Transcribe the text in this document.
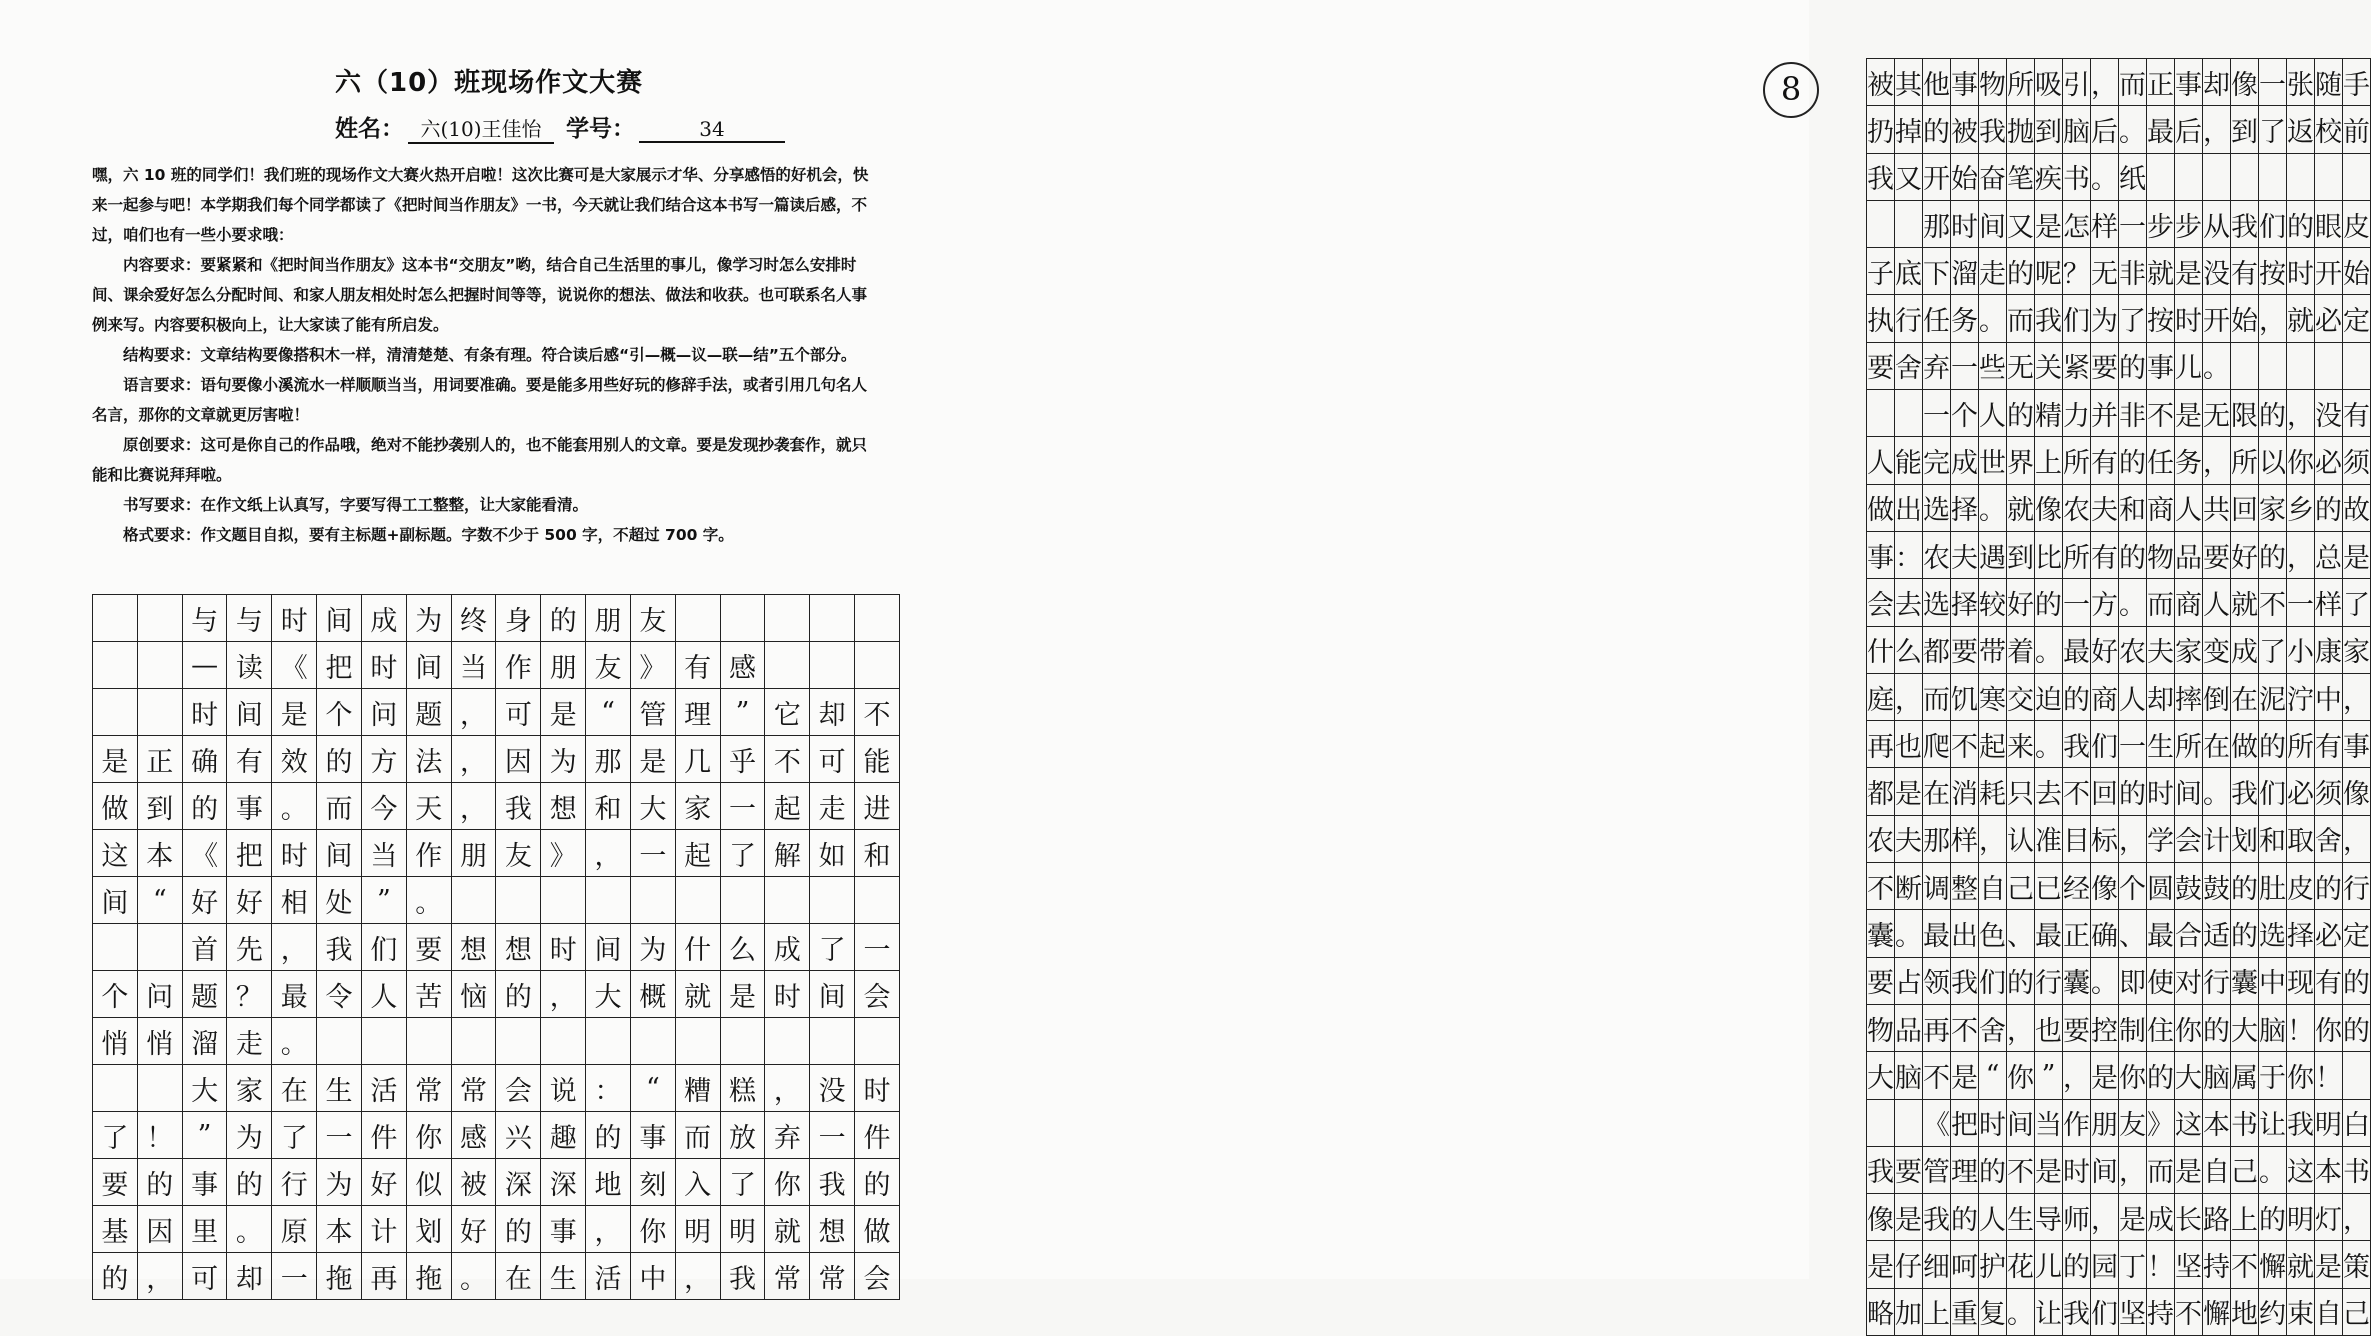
六（10）班现场作文大赛
姓名： 六(10)王佳怡 学号：	34

嘿，六 10 班的同学们！我们班的现场作文大赛火热开启啦！这次比赛可是大家展示才华、分享感悟的好机会，快来一起参与吧！本学期我们每个同学都读了《把时间当作朋友》一书，今天就让我们结合这本书写一篇读后感，不过，咱们也有一些小要求哦：

内容要求：要紧紧和《把时间当作朋友》这本书“交朋友”哟，结合自己生活里的事儿，像学习时怎么安排时间、课余爱好怎么分配时间、和家人朋友相处时怎么把握时间等等，说说你的想法、做法和收获。也可联系名人事例来写。内容要积极向上，让大家读了能有所启发。

结构要求：文章结构要像搭积木一样，清清楚楚、有条有理。符合读后感“引—概—议—联—结”五个部分。

语言要求：语句要像小溪流水一样顺顺当当，用词要准确。要是能多用些好玩的修辞手法，或者引用几句名人名言，那你的文章就更厉害啦！

原创要求：这可是你自己的作品哦，绝对不能抄袭别人的，也不能套用别人的文章。要是发现抄袭套作，就只能和比赛说拜拜啦。

书写要求：在作文纸上认真写，字要写得工工整整，让大家能看清。

格式要求：作文题目自拟，要有主标题+副标题。字数不少于 500 字，不超过 700 字。

		与	与	时	间	成	为	终	身	的	朋	友					
		—	读	《	把	时	间	当	作	朋	友	》	有	感			
		时	间	是	个	问	题	，	可	是	“	管	理	”	它	却	不
是	正	确	有	效	的	方	法	，	因	为	那	是	几	乎	不	可	能
做	到	的	事	。	而	今	天	，	我	想	和	大	家	一	起	走	进
这	本	《	把	时	间	当	作	朋	友	》	，	一	起	了	解	如	和
间	“	好	好	相	处	”	。										
		首	先	，	我	们	要	想	想	时	间	为	什	么	成	了	一
个	问	题	？	最	令	人	苦	恼	的	，	大	概	就	是	时	间	会
悄	悄	溜	走	。													
		大	家	在	生	活	常	常	会	说	：	“	糟	糕	，	没	时
了	！	”	为	了	一	件	你	感	兴	趣	的	事	而	放	弃	一	件
要	的	事	的	行	为	好	似	被	深	深	地	刻	入	了	你	我	的
基	因	里	。	原	本	计	划	好	的	事	，	你	明	明	就	想	做
的	，	可	却	一	拖	再	拖	。	在	生	活	中	，	我	常	常	会
8	被	其	他	事	物	所	吸	引	，	而	正	事	却	像	一	张	随	手
扔	掉	的	被	我	抛	到	脑	后	。	最	后	，	到	了	返	校	前
我	又	开	始	奋	笔	疾	书	。	纸								
		那	时	间	又	是	怎	样	一	步	步	从	我	们	的	眼	皮
子	底	下	溜	走	的	呢	？	无	非	就	是	没	有	按	时	开	始
执	行	任	务	。	而	我	们	为	了	按	时	开	始	，	就	必	定
要	舍	弃	一	些	无	关	紧	要	的	事	儿	。					
		一	个	人	的	精	力	并	非	不	是	无	限	的	，	没	有
人	能	完	成	世	界	上	所	有	的	任	务	，	所	以	你	必	须
做	出	选	择	。	就	像	农	夫	和	商	人	共	回	家	乡	的	故
事	：	农	夫	遇	到	比	所	有	的	物	品	要	好	的	，	总	是
会	去	选	择	较	好	的	一	方	。	而	商	人	就	不	一	样	了
什	么	都	要	带	着	。	最	好	农	夫	家	变	成	了	小	康	家
庭	，	而	饥	寒	交	迫	的	商	人	却	摔	倒	在	泥	泞	中	，
再	也	爬	不	起	来	。	我	们	一	生	所	在	做	的	所	有	事
都	是	在	消	耗	只	去	不	回	的	时	间	。	我	们	必	须	像
农	夫	那	样	，	认	准	目	标	，	学	会	计	划	和	取	舍	，
不	断	调	整	自	己	已	经	像	个	圆	鼓	鼓	的	肚	皮	的	行
囊	。	最	出	色	、	最	正	确	、	最	合	适	的	选	择	必	定
要	占	领	我	们	的	行	囊	。	即	使	对	行	囊	中	现	有	的
物	品	再	不	舍	，	也	要	控	制	住	你	的	大	脑	！	你	的
大	脑	不	是	“	你	”	，	是	你	的	大	脑	属	于	你	！	
		《	把	时	间	当	作	朋	友	》	这	本	书	让	我	明	白
我	要	管	理	的	不	是	时	间	，	而	是	自	己	。	这	本	书
像	是	我	的	人	生	导	师	，	是	成	长	路	上	的	明	灯	，
是	仔	细	呵	护	花	儿	的	园	丁	！	坚	持	不	懈	就	是	策
略	加	上	重	复	。	让	我	们	坚	持	不	懈	地	约	束	自	己
